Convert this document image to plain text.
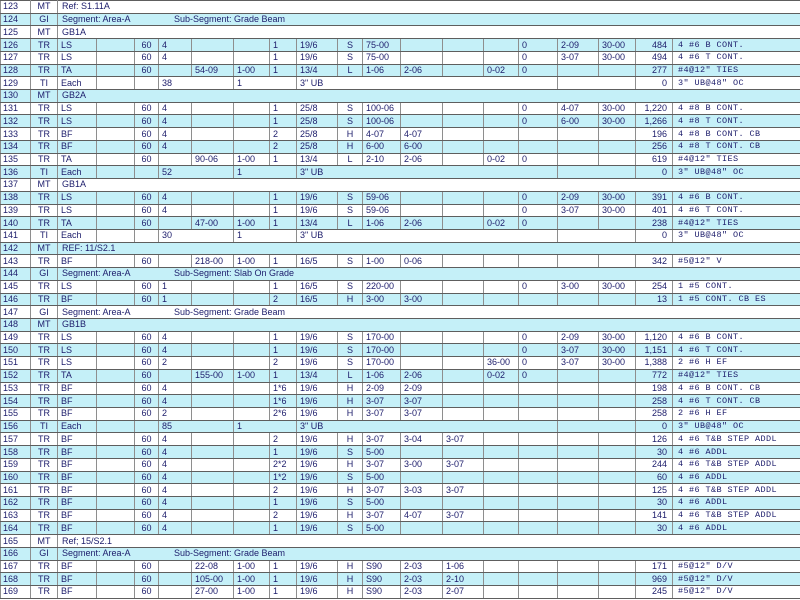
123	MT	Ref: S1.11A																	
124	GI	Segment: Area-A Sub-Segment: Grade Beam																	
125	MT	GB1A																	
126	TR	LS		60	4			1	19/6	S	75-00				0	2-09	30-00	484	4 #6 B CONT.
127	TR	LS		60	4			1	19/6	S	75-00				0	3-07	30-00	494	4 #6 T CONT.
128	TR	TA		60		54-09	1-00	1	13/4	L	1-06	2-06		0-02	0			277	#4@12" TIES
129	TI	Each			38		1		3" UB									0	3" UB@48" OC
130	MT	GB2A																	
131	TR	LS		60	4			1	25/8	S	100-06				0	4-07	30-00	1,220	4 #8 B CONT.
132	TR	LS		60	4			1	25/8	S	100-06				0	6-00	30-00	1,266	4 #8 T CONT.
133	TR	BF		60	4			2	25/8	H	4-07	4-07						196	4 #8 B CONT. CB
134	TR	BF		60	4			2	25/8	H	6-00	6-00						256	4 #8 T CONT. CB
135	TR	TA		60		90-06	1-00	1	13/4	L	2-10	2-06		0-02	0			619	#4@12" TIES
136	TI	Each			52		1		3" UB									0	3" UB@48" OC
137	MT	GB1A																	
138	TR	LS		60	4			1	19/6	S	59-06				0	2-09	30-00	391	4 #6 B CONT.
139	TR	LS		60	4			1	19/6	S	59-06				0	3-07	30-00	401	4 #6 T CONT.
140	TR	TA		60		47-00	1-00	1	13/4	L	1-06	2-06		0-02	0			238	#4@12" TIES
141	TI	Each			30		1		3" UB									0	3" UB@48" OC
142	MT	REF: 11/S2.1																	
143	TR	BF		60		218-00	1-00	1	16/5	S	1-00	0-06						342	#5@12" V
144	GI	Segment: Area-A Sub-Segment: Slab On Grade																	
145	TR	LS		60	1			1	16/5	S	220-00				0	3-00	30-00	254	1 #5 CONT.
146	TR	BF		60	1			2	16/5	H	3-00	3-00						13	1 #5 CONT. CB ES
147	GI	Segment: Area-A Sub-Segment: Grade Beam																	
148	MT	GB1B																	
149	TR	LS		60	4			1	19/6	S	170-00				0	2-09	30-00	1,120	4 #6 B CONT.
150	TR	LS		60	4			1	19/6	S	170-00				0	3-07	30-00	1,151	4 #6 T CONT.
151	TR	LS		60	2			2	19/6	S	170-00			36-00	0	3-07	30-00	1,388	2 #6 H EF
152	TR	TA		60		155-00	1-00	1	13/4	L	1-06	2-06		0-02	0			772	#4@12" TIES
153	TR	BF		60	4			1*6	19/6	H	2-09	2-09						198	4 #6 B CONT. CB
154	TR	BF		60	4			1*6	19/6	H	3-07	3-07						258	4 #6 T CONT. CB
155	TR	BF		60	2			2*6	19/6	H	3-07	3-07						258	2 #6 H EF
156	TI	Each			85		1		3" UB									0	3" UB@48" OC
157	TR	BF		60	4			2	19/6	H	3-07	3-04	3-07					126	4 #6 T&B STEP ADDL
158	TR	BF		60	4			1	19/6	S	5-00							30	4 #6 ADDL
159	TR	BF		60	4			2*2	19/6	H	3-07	3-00	3-07					244	4 #6 T&B STEP ADDL
160	TR	BF		60	4			1*2	19/6	S	5-00							60	4 #6 ADDL
161	TR	BF		60	4			2	19/6	H	3-07	3-03	3-07					125	4 #6 T&B STEP ADDL
162	TR	BF		60	4			1	19/6	S	5-00							30	4 #6 ADDL
163	TR	BF		60	4			2	19/6	H	3-07	4-07	3-07					141	4 #6 T&B STEP ADDL
164	TR	BF		60	4			1	19/6	S	5-00							30	4 #6 ADDL
165	MT	Ref; 15/S2.1																	
166	GI	Segment: Area-A Sub-Segment: Grade Beam																	
167	TR	BF		60		22-08	1-00	1	19/6	H	S90	2-03	1-06					171	#5@12" D/V
168	TR	BF		60		105-00	1-00	1	19/6	H	S90	2-03	2-10					969	#5@12" D/V
169	TR	BF		60		27-00	1-00	1	19/6	H	S90	2-03	2-07					245	#5@12" D/V
